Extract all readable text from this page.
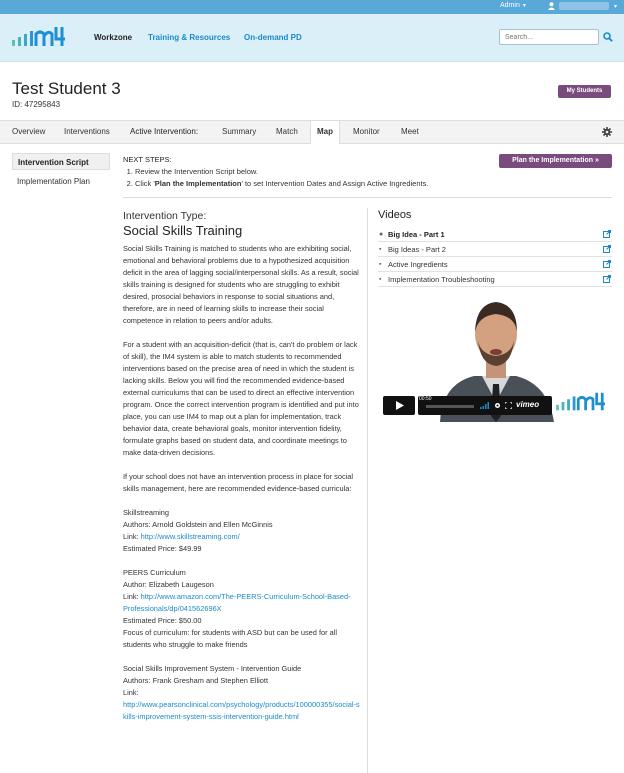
Admin ▾	▾
Workzone Training & Resources On-demand PD
Search...
Test Student 3
ID: 47295843
My Students
Overview Interventions	Active Intervention:	Summary Match	Map	Monitor	Meet
Intervention Script
Implementation Plan
NEXT STEPS:
1. Review the Intervention Script below.
2. Click 'Plan the Implementation' to set Intervention Dates and Assign Active Ingredients.
Plan the Implementation »
Intervention Type:
Social Skills Training

Social Skills Training is matched to students who are exhibiting social, emotional and behavioral problems due to a hypothesized acquisition deficit in the area of lagging social/interpersonal skills. As a result, social skills training is designed for students who are struggling to exhibit desired, prosocial behaviors in response to social situations and, therefore, are in need of learning skills to increase their social competence in relation to peers and/or adults.

For a student with an acquisition-deficit (that is, can't do problem or lack of skill), the IM4 system is able to match students to recommended interventions based on the precise area of need in which the student is lacking skills. Below you will find the recommended evidence-based external curriculums that can be used to direct an effective intervention program. Once the correct intervention program is identified and put into place, you can use IM4 to map out a plan for implementation, track behavior data, create behavioral goals, monitor intervention fidelity, formulate graphs based on student data, and coordinate meetings to make data-driven decisions.

If your school does not have an intervention process in place for social skills management, here are recommended evidence-based curricula:

Skillstreaming
Authors: Arnold Goldstein and Ellen McGinnis
Link: http://www.skillstreaming.com/
Estimated Price: $49.99

PEERS Curriculum
Author: Elizabeth Laugeson
Link: http://www.amazon.com/The-PEERS-Curriculum-School-Based-Professionals/dp/041562696X
Estimated Price: $50.00
Focus of curriculum: for students with ASD but can be used for all students who struggle to make friends

Social Skills Improvement System - Intervention Guide
Authors: Frank Gresham and Stephen Elliott
Link:
http://www.pearsonclinical.com/psychology/products/100000355/social-skills-improvement-system-ssis-intervention-guide.html

Videos
● Big Idea - Part 1
▪ Big Ideas - Part 2
▪ Active Ingredients
▪ Implementation Troubleshooting
00:50
vimeo
